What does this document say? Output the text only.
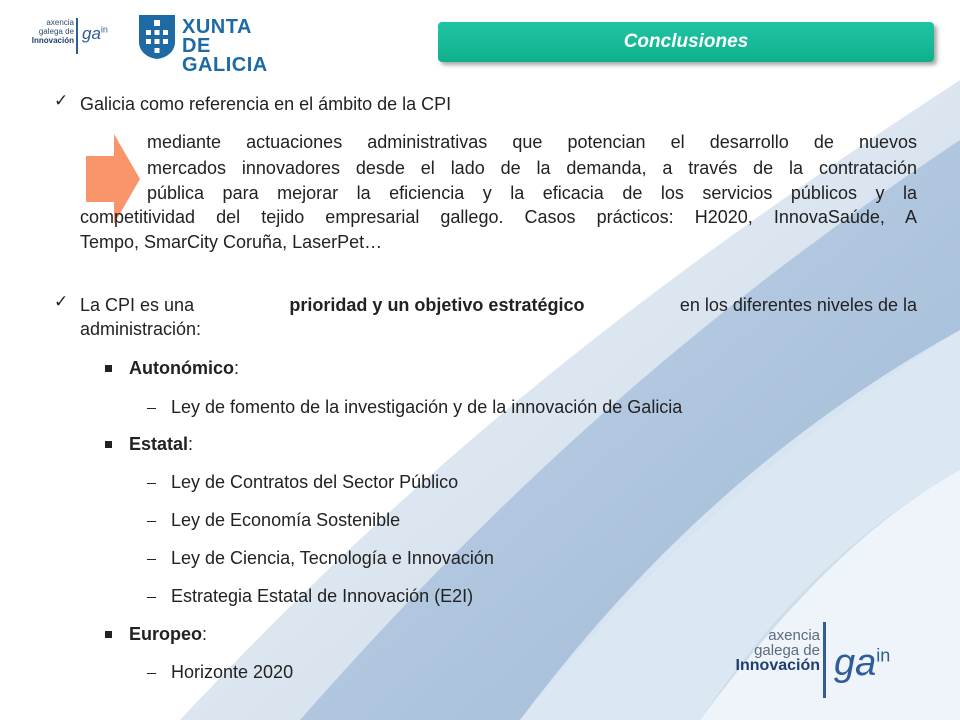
axencia
galega de
Innovación $ga^{in}$	XUNTA
DE GALICIA
Conclusiones
✓ Galicia como referencia en el ámbito de la CPI
mediante actuaciones administrativas que potencian el desarrollo de nuevos
mercados innovadores desde el lado de la demanda, a través de la contratación
pública para mejorar la eficiencia y la eficacia de los servicios públicos y la
competitividad del tejido empresarial gallego. Casos prácticos: H2020, InnovaSaúde, A
Tempo, SmarCity Coruña, LaserPet…
✓ La CPI es una	prioridad y un objetivo estratégico	en los diferentes niveles de la
administración:
Autonómico:
Ley de fomento de la investigación y de la innovación de Galicia
Estatal:
Ley de Contratos del Sector Público
Ley de Economía Sostenible
Ley de Ciencia, Tecnología e Innovación
Estrategia Estatal de Innovación (E2I)
Europeo:
Horizonte 2020
axencia
galega de
Innovación $ga^{in}$
